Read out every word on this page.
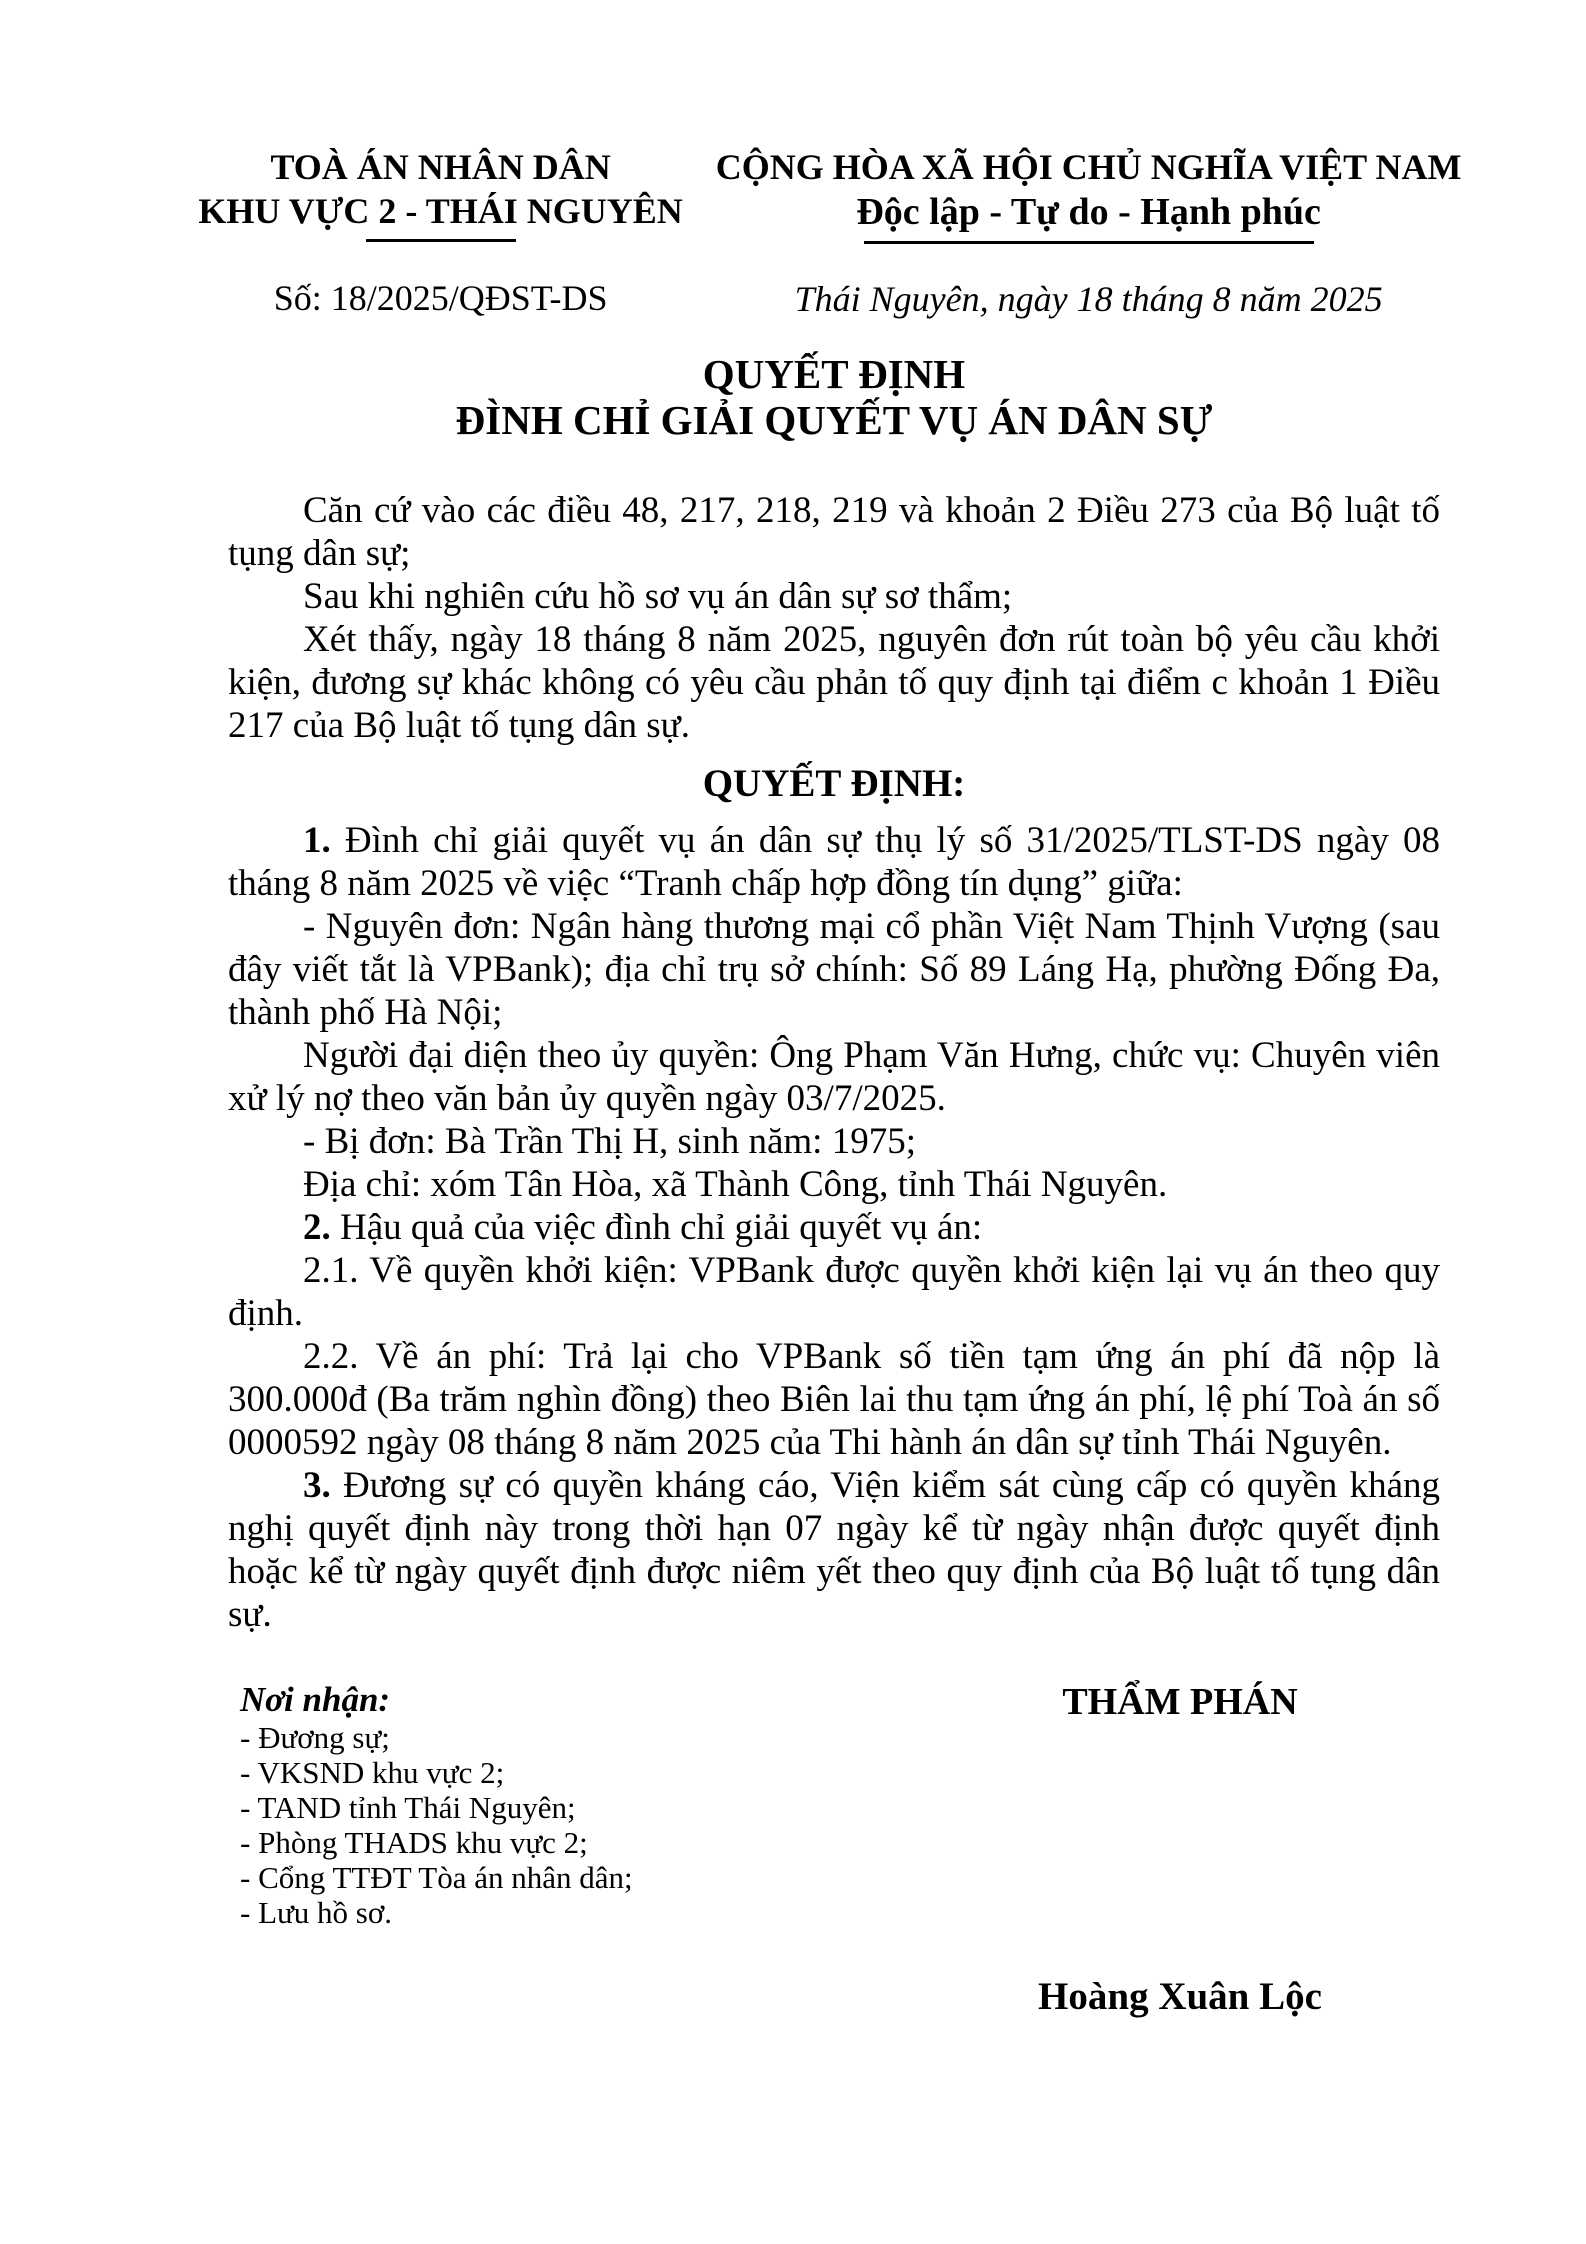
TOÀ ÁN NHÂN DÂN
KHU VỰC 2 - THÁI NGUYÊN
Số: 18/2025/QĐST-DS
CỘNG HÒA XÃ HỘI CHỦ NGHĨA VIỆT NAM
Độc lập - Tự do - Hạnh phúc
Thái Nguyên, ngày 18 tháng 8 năm 2025
QUYẾT ĐỊNH
ĐÌNH CHỈ GIẢI QUYẾT VỤ ÁN DÂN SỰ

Căn cứ vào các điều 48, 217, 218, 219 và khoản 2 Điều 273 của Bộ luật tố tụng dân sự;

Sau khi nghiên cứu hồ sơ vụ án dân sự sơ thẩm;

Xét thấy, ngày 18 tháng 8 năm 2025, nguyên đơn rút toàn bộ yêu cầu khởi kiện, đương sự khác không có yêu cầu phản tố quy định tại điểm c khoản 1 Điều 217 của Bộ luật tố tụng dân sự.

QUYẾT ĐỊNH:

1. Đình chỉ giải quyết vụ án dân sự thụ lý số 31/2025/TLST-DS ngày 08 tháng 8 năm 2025 về việc “Tranh chấp hợp đồng tín dụng” giữa:

- Nguyên đơn: Ngân hàng thương mại cổ phần Việt Nam Thịnh Vượng (sau đây viết tắt là VPBank); địa chỉ trụ sở chính: Số 89 Láng Hạ, phường Đống Đa, thành phố Hà Nội;

Người đại diện theo ủy quyền: Ông Phạm Văn Hưng, chức vụ: Chuyên viên xử lý nợ theo văn bản ủy quyền ngày 03/7/2025.

- Bị đơn: Bà Trần Thị H, sinh năm: 1975;

Địa chỉ: xóm Tân Hòa, xã Thành Công, tỉnh Thái Nguyên.

2. Hậu quả của việc đình chỉ giải quyết vụ án:

2.1. Về quyền khởi kiện: VPBank được quyền khởi kiện lại vụ án theo quy định.

2.2. Về án phí: Trả lại cho VPBank số tiền tạm ứng án phí đã nộp là 300.000đ (Ba trăm nghìn đồng) theo Biên lai thu tạm ứng án phí, lệ phí Toà án số 0000592 ngày 08 tháng 8 năm 2025 của Thi hành án dân sự tỉnh Thái Nguyên.

3. Đương sự có quyền kháng cáo, Viện kiểm sát cùng cấp có quyền kháng nghị quyết định này trong thời hạn 07 ngày kể từ ngày nhận được quyết định hoặc kể từ ngày quyết định được niêm yết theo quy định của Bộ luật tố tụng dân sự.

Nơi nhận:
- Đương sự;
- VKSND khu vực 2;
- TAND tỉnh Thái Nguyên;
- Phòng THADS khu vực 2;
- Cổng TTĐT Tòa án nhân dân;
- Lưu hồ sơ.
THẨM PHÁN
Hoàng Xuân Lộc
